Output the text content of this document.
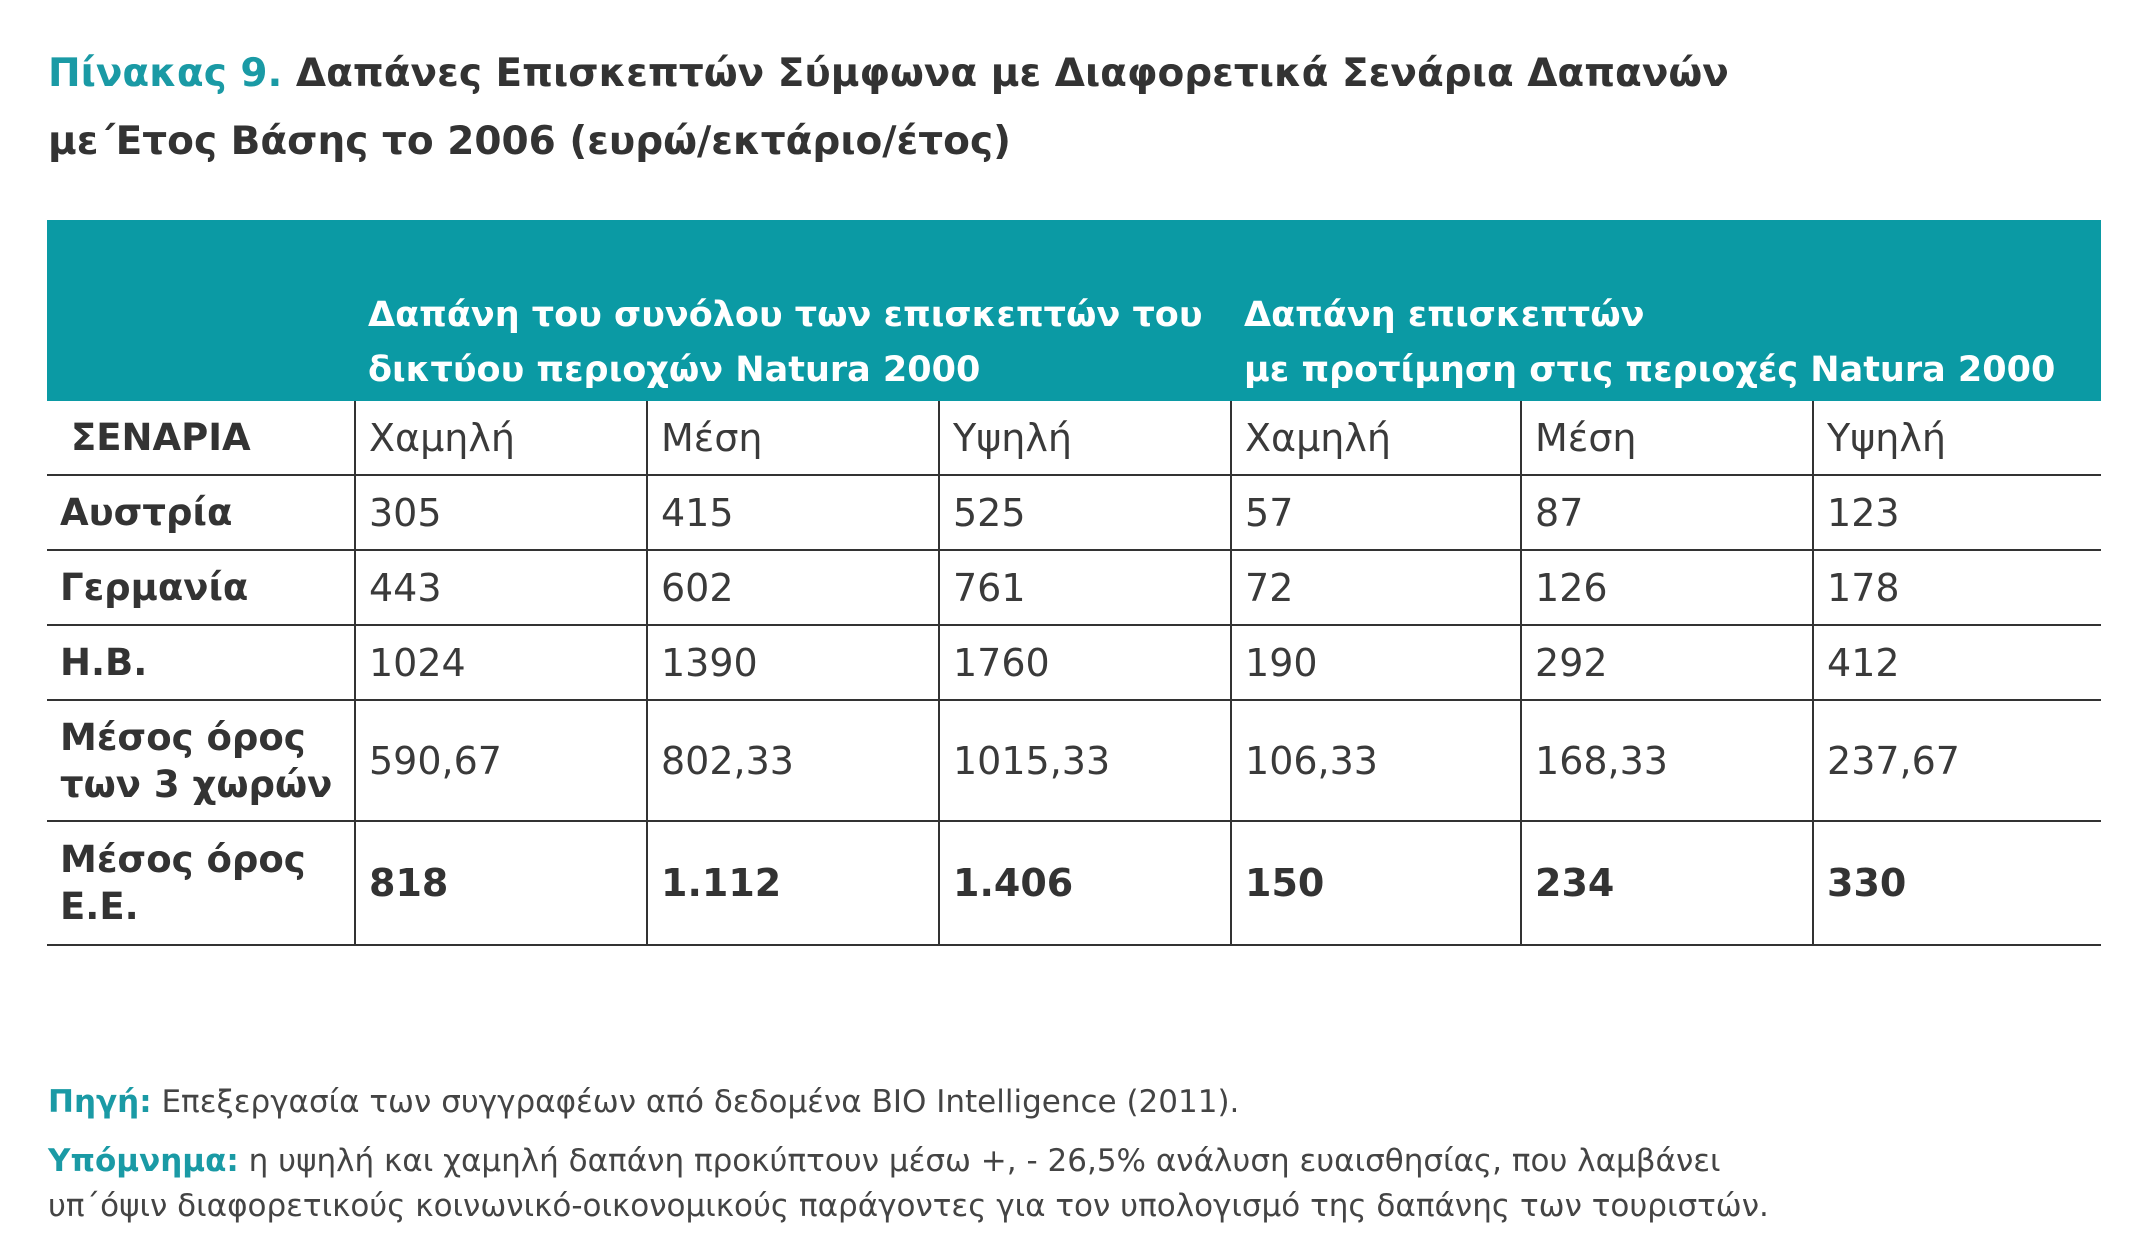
Πίνακας 9. Δαπάνες Επισκεπτών Σύμφωνα με Διαφορετικά Σενάρια Δαπανών
με΄Ετος Βάσης το 2006 (ευρώ/εκτάριο/έτος)
	Δαπάνη του συνόλου των επισκεπτών του δικτύου περιοχών Natura 2000			Δαπάνη επισκεπτών
με προτίμηση στις περιοχές Natura 2000		
ΣΕΝΑΡΙΑ	Χαμηλή	Μέση	Υψηλή	Χαμηλή	Μέση	Υψηλή
Αυστρία	305	415	525	57	87	123
Γερμανία	443	602	761	72	126	178
Η.Β.	1024	1390	1760	190	292	412
Μέσος όρος
των 3 χωρών	590,67	802,33	1015,33	106,33	168,33	237,67
Μέσος όρος
Ε.Ε.	818	1.112	1.406	150	234	330

Πηγή: Επεξεργασία των συγγραφέων από δεδομένα BIO Intelligence (2011).

Υπόμνημα: η υψηλή και χαμηλή δαπάνη προκύπτουν μέσω +, - 26,5% ανάλυση ευαισθησίας, που λαμβάνει
υπ΄όψιν διαφορετικούς κοινωνικό-οικονομικούς παράγοντες για τον υπολογισμό της δαπάνης των τουριστών.
